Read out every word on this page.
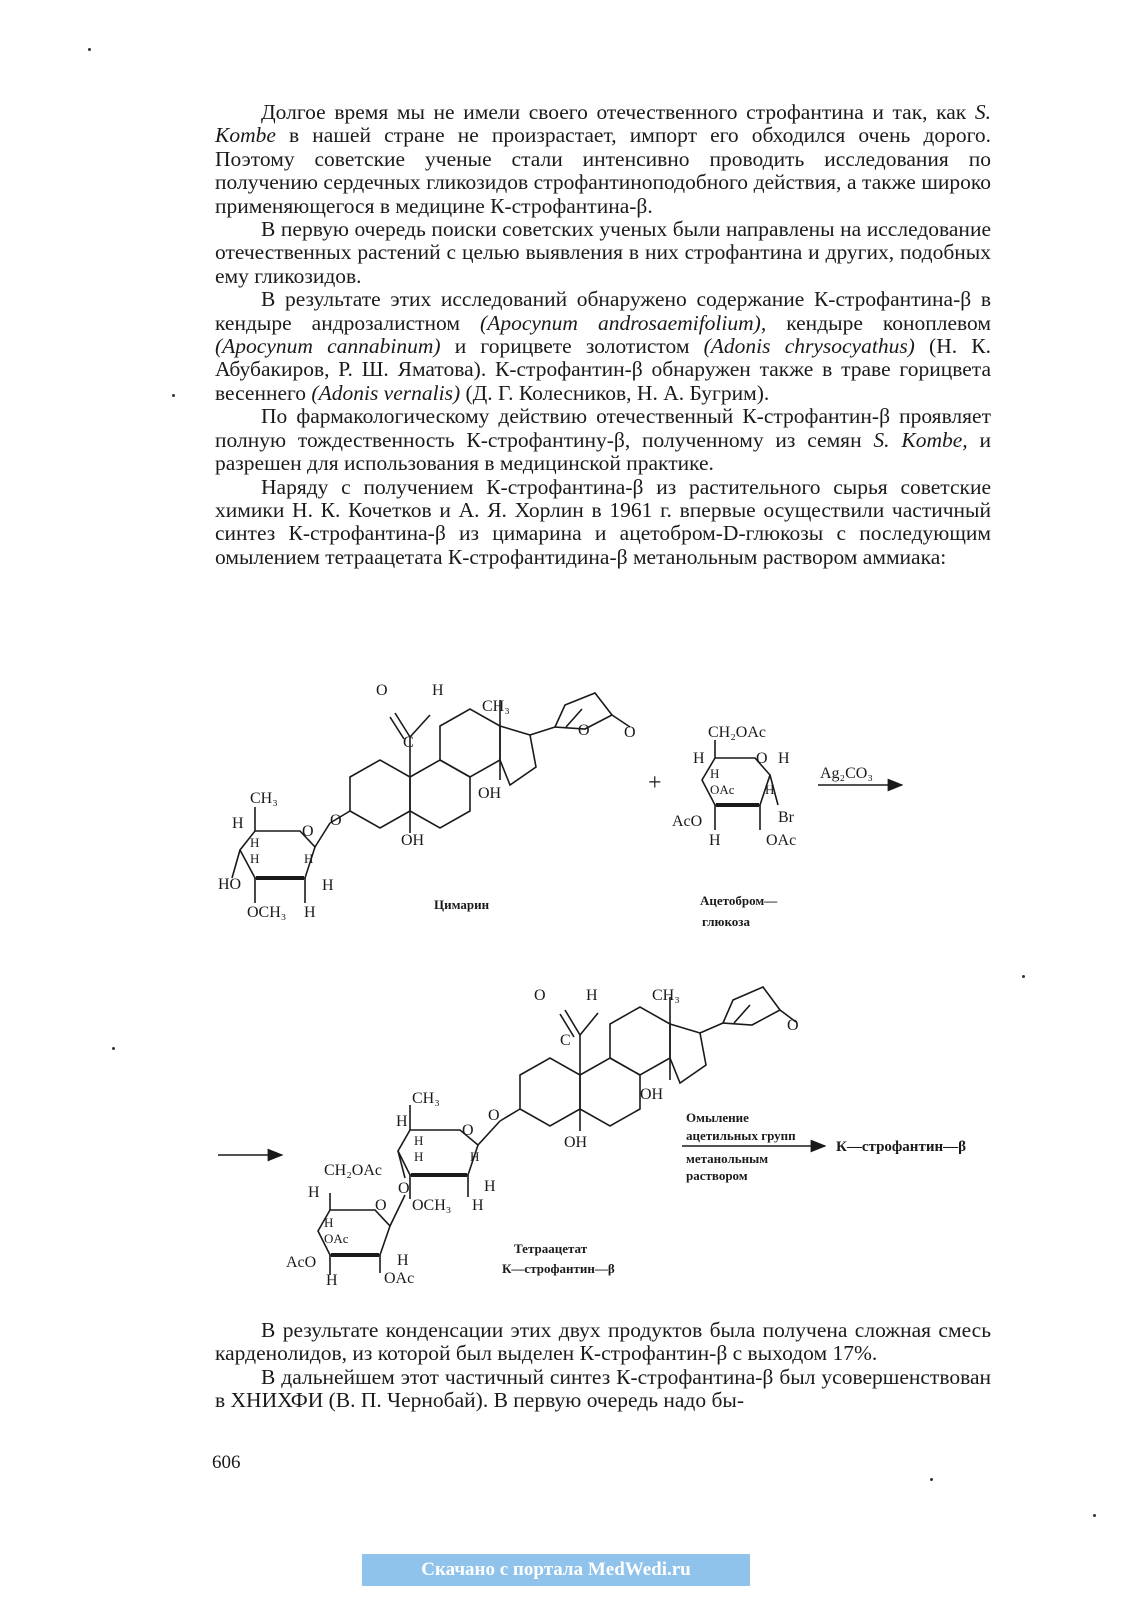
Долгое время мы не имели своего отечественного строфантина и так, как S. Kombe в нашей стране не произрастает, импорт его обходился очень дорого. Поэтому советские ученые стали интенсивно проводить исследования по получению сердечных гликозидов строфантиноподобного действия, а также широко применяющегося в медицине К-строфантина-β.

В первую очередь поиски советских ученых были направлены на исследование отечественных растений с целью выявления в них строфантина и других, подобных ему гликозидов.

В результате этих исследований обнаружено содержание К-строфантина-β в кендыре андрозалистном (Apocynum androsaemifolium), кендыре коноплевом (Apocynum cannabinum) и горицвете золотистом (Adonis chrysocyathus) (Н. К. Абубакиров, Р. Ш. Яматова). К-строфантин-β обнаружен также в траве горицвета весеннего (Adonis vernalis) (Д. Г. Колесников, Н. А. Бугрим).

По фармакологическому действию отечественный К-строфантин-β проявляет полную тождественность К-строфантину-β, полученному из семян S. Kombe, и разрешен для использования в медицинской практике.

Наряду с получением К-строфантина-β из растительного сырья советские химики Н. К. Кочетков и А. Я. Хорлин в 1961 г. впервые осуществили частичный синтез К-строфантина-β из цимарина и ацетобром-D-глюкозы с последующим омылением тетраацетата К-строфантидина-β метанольным раствором аммиака:

O	H
C
CH₃
OH
OH
O O
O
O
CH₃
H
H
H	H
HO	H
OCH₃ H	Цимарин
+
CH₂OAc
H	O H
H
OAc H
AcO	Br
H	OAc
Ацетобром—
глюкоза
Ag₂CO₃
O	H
C
CH₃
OH
OH
O
O
O
CH₃
H
H
H	H
O
OCH₃ H
H
CH₂OAc
H
O
H
OAc
AcO	H
H	OAc
Омыление
ацетильных групп
метанольным
раствором
К—строфантин—β
Тетраацетат
К—строфантин—β

В результате конденсации этих двух продуктов была получена сложная смесь карденолидов, из которой был выделен К-строфантин-β с выходом 17%.

В дальнейшем этот частичный синтез К-строфантина-β был усовершенствован в ХНИХФИ (В. П. Чернобай). В первую очередь надо бы-

606
Скачано с портала MedWedi.ru
